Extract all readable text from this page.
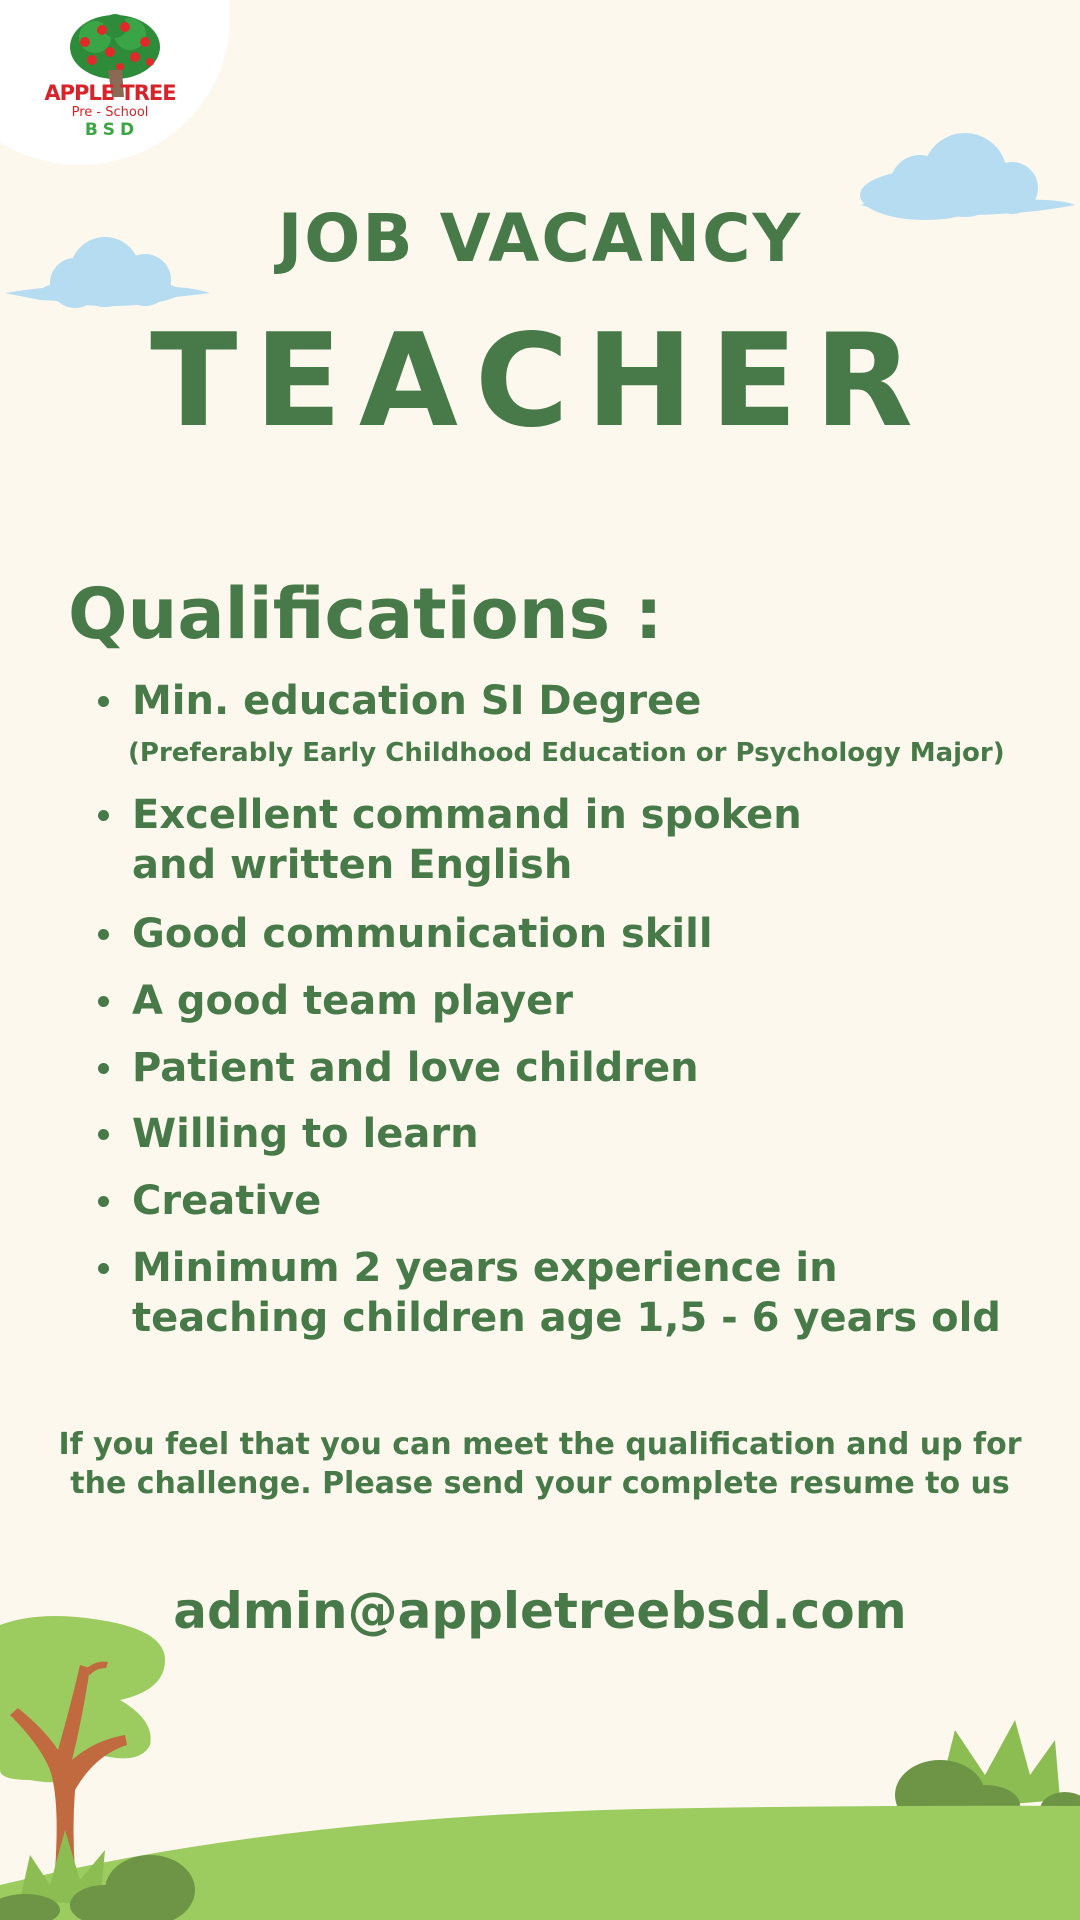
APPLE TREE
Pre - School
BSD
JOB VACANCY
TEACHER
Qualifications :
Min. education SI Degree
(Preferably Early Childhood Education or Psychology Major)
Excellent command in spoken
and written English
Good communication skill
A good team player
Patient and love children
Willing to learn
Creative
Minimum 2 years experience in
teaching children age 1,5 - 6 years old
If you feel that you can meet the qualification and up for
the challenge. Please send your complete resume to us
admin@appletreebsd.com
